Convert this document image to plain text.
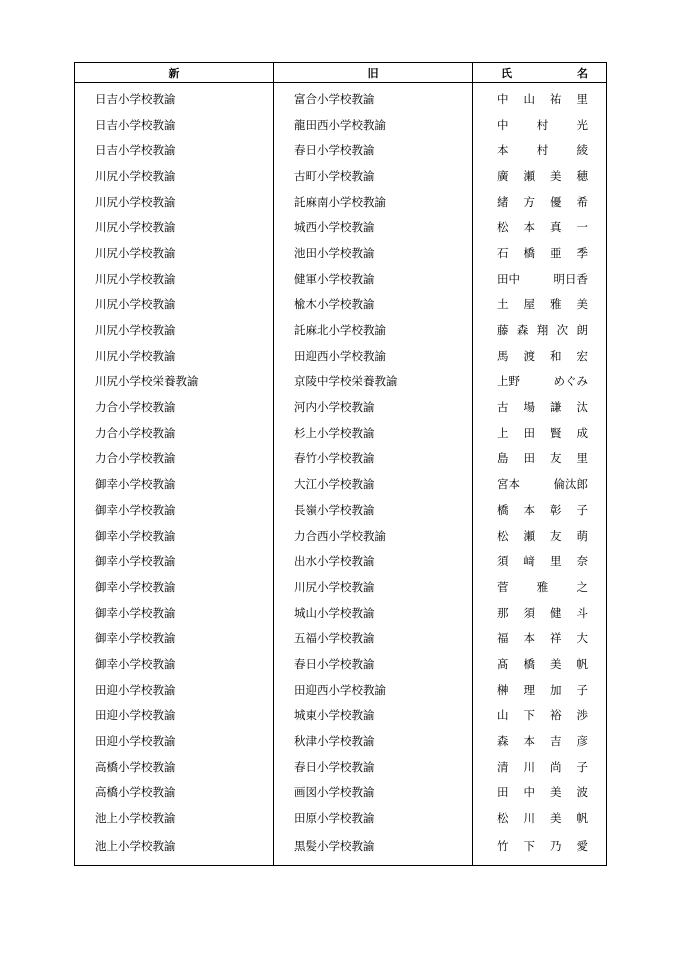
新	旧	氏 名

日吉小学校教諭	富合小学校教諭	中 山 祐 里

日吉小学校教諭	龍田西小学校教諭	中 村 光

日吉小学校教諭	春日小学校教諭	本 村 綾

川尻小学校教諭	古町小学校教諭	廣 瀬 美 穂

川尻小学校教諭	託麻南小学校教諭	緒 方 優 希

川尻小学校教諭	城西小学校教諭	松 本 真 一

川尻小学校教諭	池田小学校教諭	石 橋 亜 季

川尻小学校教諭	健軍小学校教諭	田中 明日香

川尻小学校教諭	楡木小学校教諭	土 屋 雅 美

川尻小学校教諭	託麻北小学校教諭	藤 森 翔 次 朗

川尻小学校教諭	田迎西小学校教諭	馬 渡 和 宏

川尻小学校栄養教諭	京陵中学校栄養教諭	上野 めぐみ

力合小学校教諭	河内小学校教諭	古 場 謙 汰

力合小学校教諭	杉上小学校教諭	上 田 賢 成

力合小学校教諭	春竹小学校教諭	島 田 友 里

御幸小学校教諭	大江小学校教諭	宮本 倫汰郎

御幸小学校教諭	長嶺小学校教諭	橋 本 彰 子

御幸小学校教諭	力合西小学校教諭	松 瀬 友 萌

御幸小学校教諭	出水小学校教諭	須 﨑 里 奈

御幸小学校教諭	川尻小学校教諭	菅 雅 之

御幸小学校教諭	城山小学校教諭	那 須 健 斗

御幸小学校教諭	五福小学校教諭	福 本 祥 大

御幸小学校教諭	春日小学校教諭	髙 橋 美 帆

田迎小学校教諭	田迎西小学校教諭	榊 理 加 子

田迎小学校教諭	城東小学校教諭	山 下 裕 渉

田迎小学校教諭	秋津小学校教諭	森 本 吉 彦

高橋小学校教諭	春日小学校教諭	清 川 尚 子

高橋小学校教諭	画図小学校教諭	田 中 美 波

池上小学校教諭	田原小学校教諭	松 川 美 帆

池上小学校教諭	黒髪小学校教諭	竹 下 乃 愛
